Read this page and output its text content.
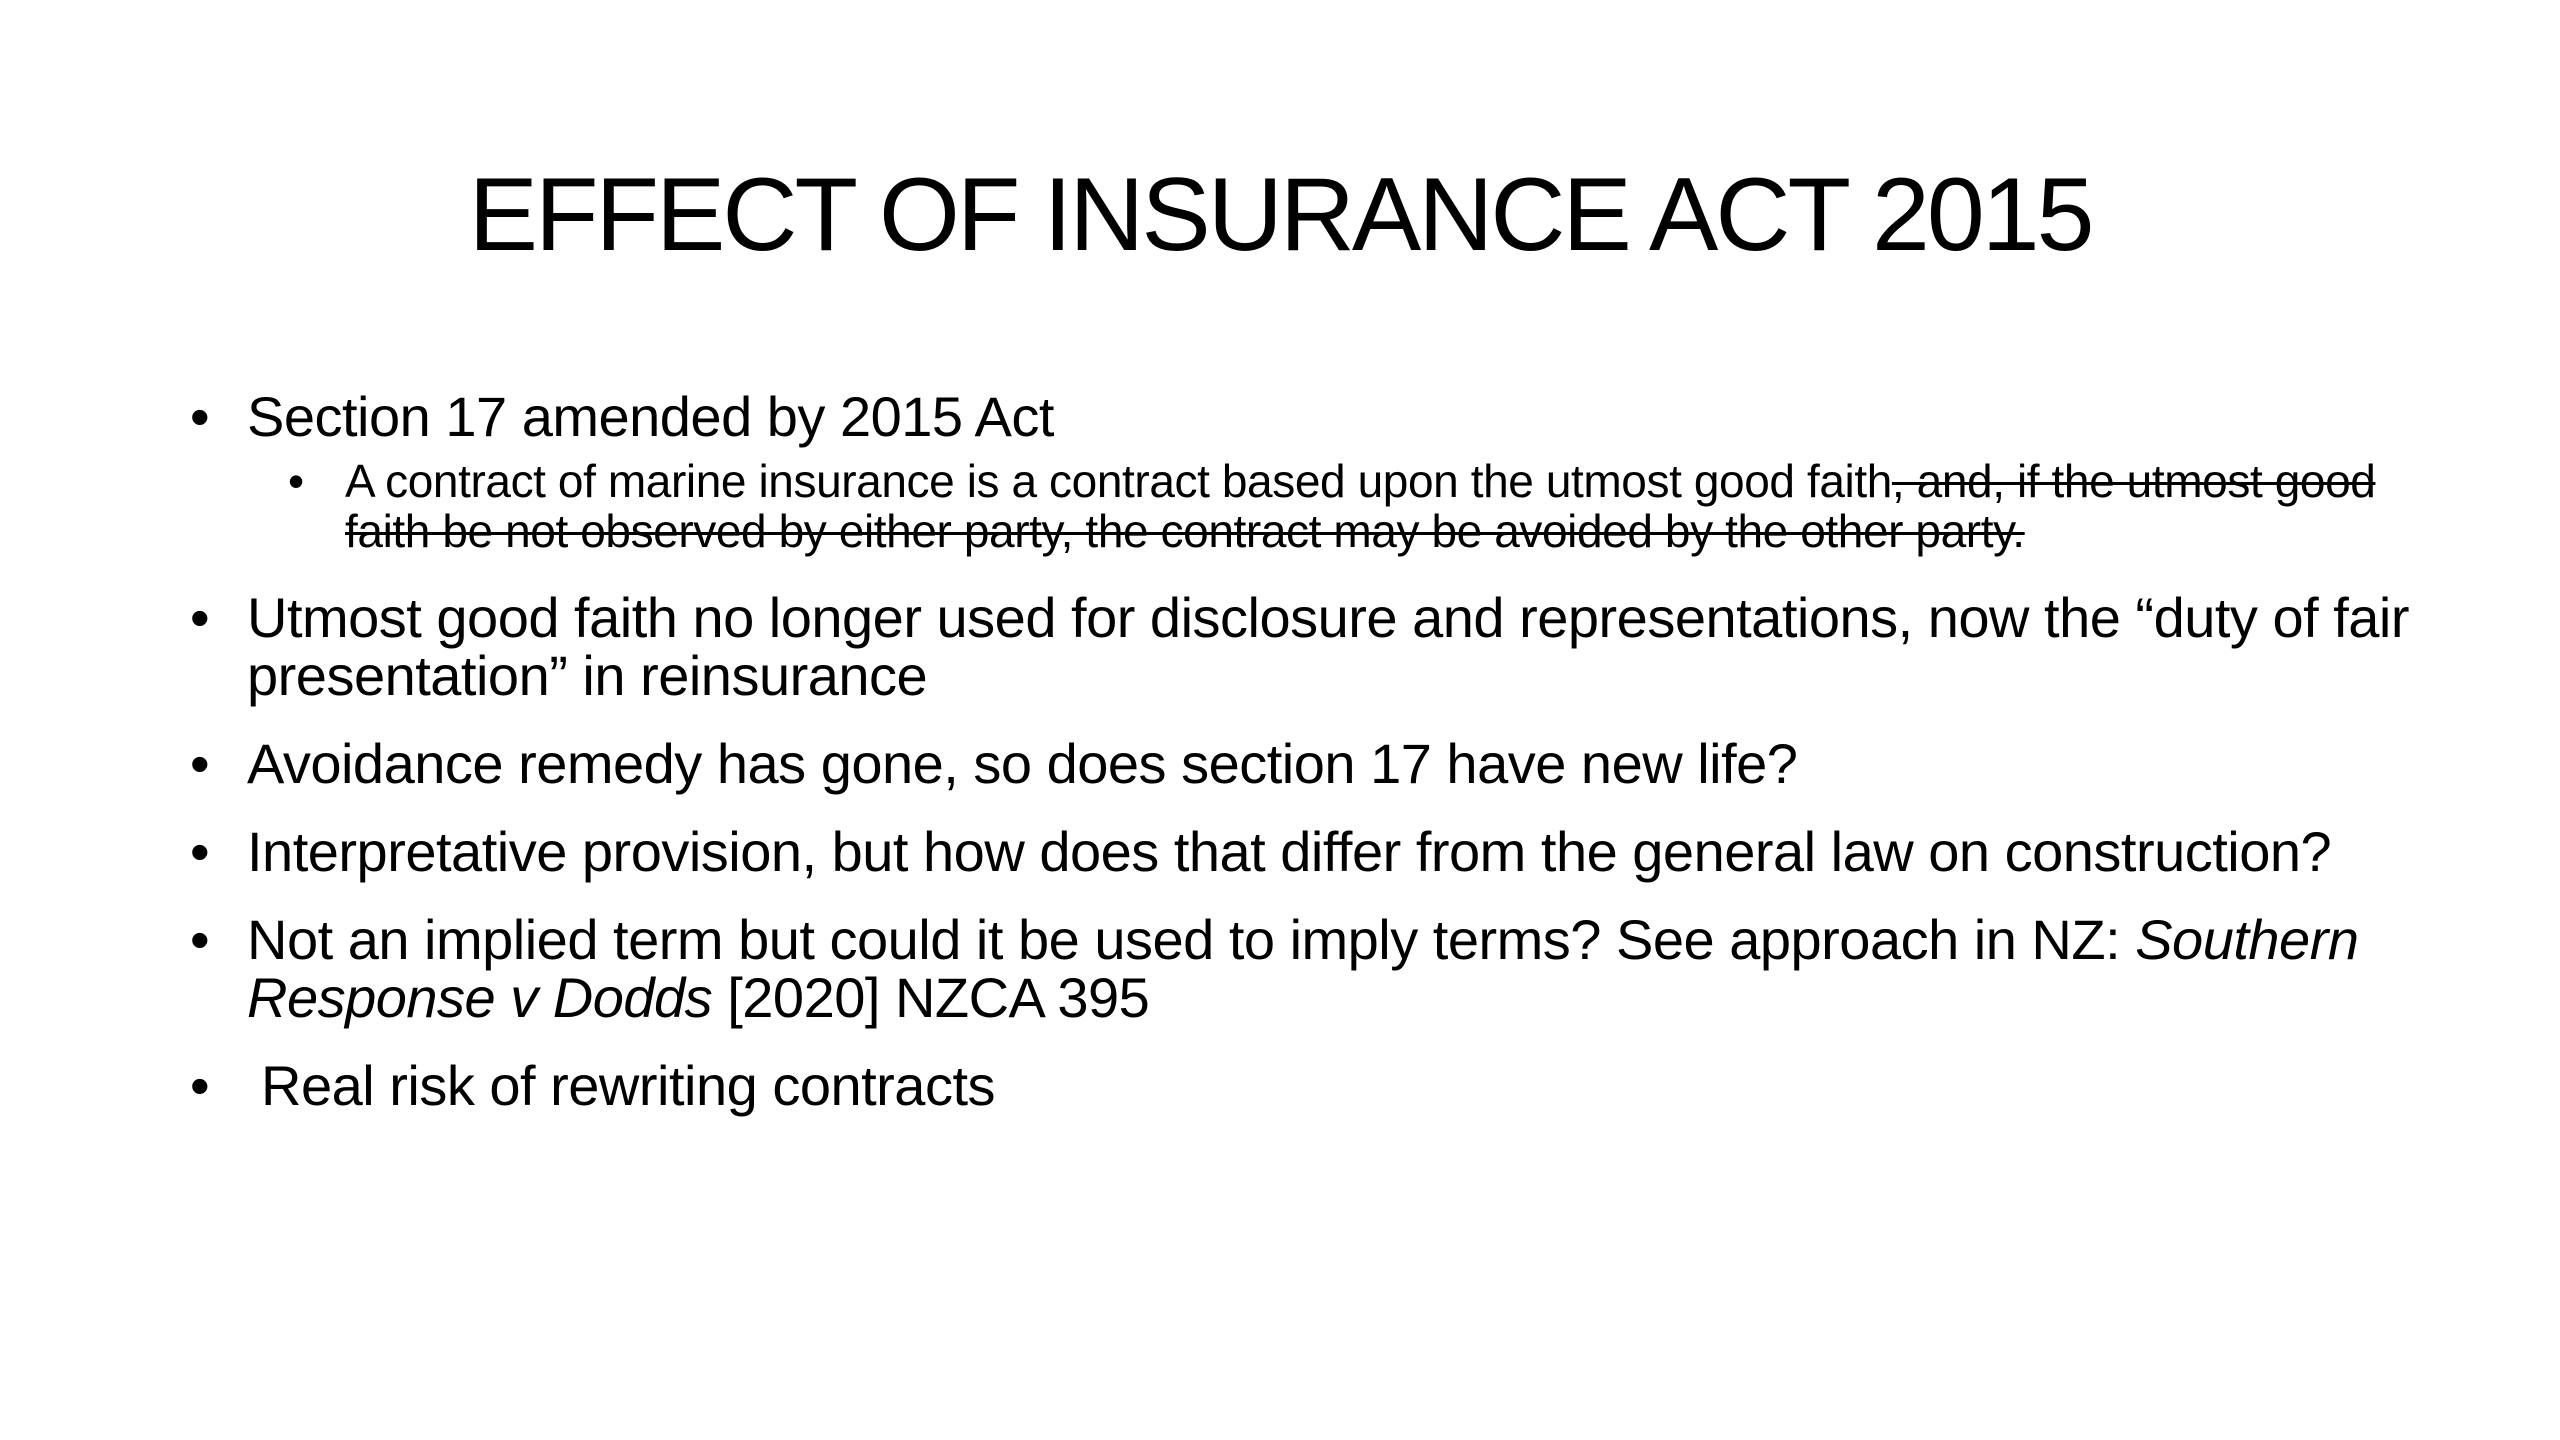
EFFECT OF INSURANCE ACT 2015
• Section 17 amended by 2015 Act
• A contract of marine insurance is a contract based upon the utmost good faith, and, if the utmost good faith be not observed by either party, the contract may be avoided by the other party.
• Utmost good faith no longer used for disclosure and representations, now the “duty of fair presentation” in reinsurance
• Avoidance remedy has gone, so does section 17 have new life?
• Interpretative provision, but how does that differ from the general law on construction?
• Not an implied term but could it be used to imply terms? See approach in NZ: Southern Response v Dodds [2020] NZCA 395
• Real risk of rewriting contracts
